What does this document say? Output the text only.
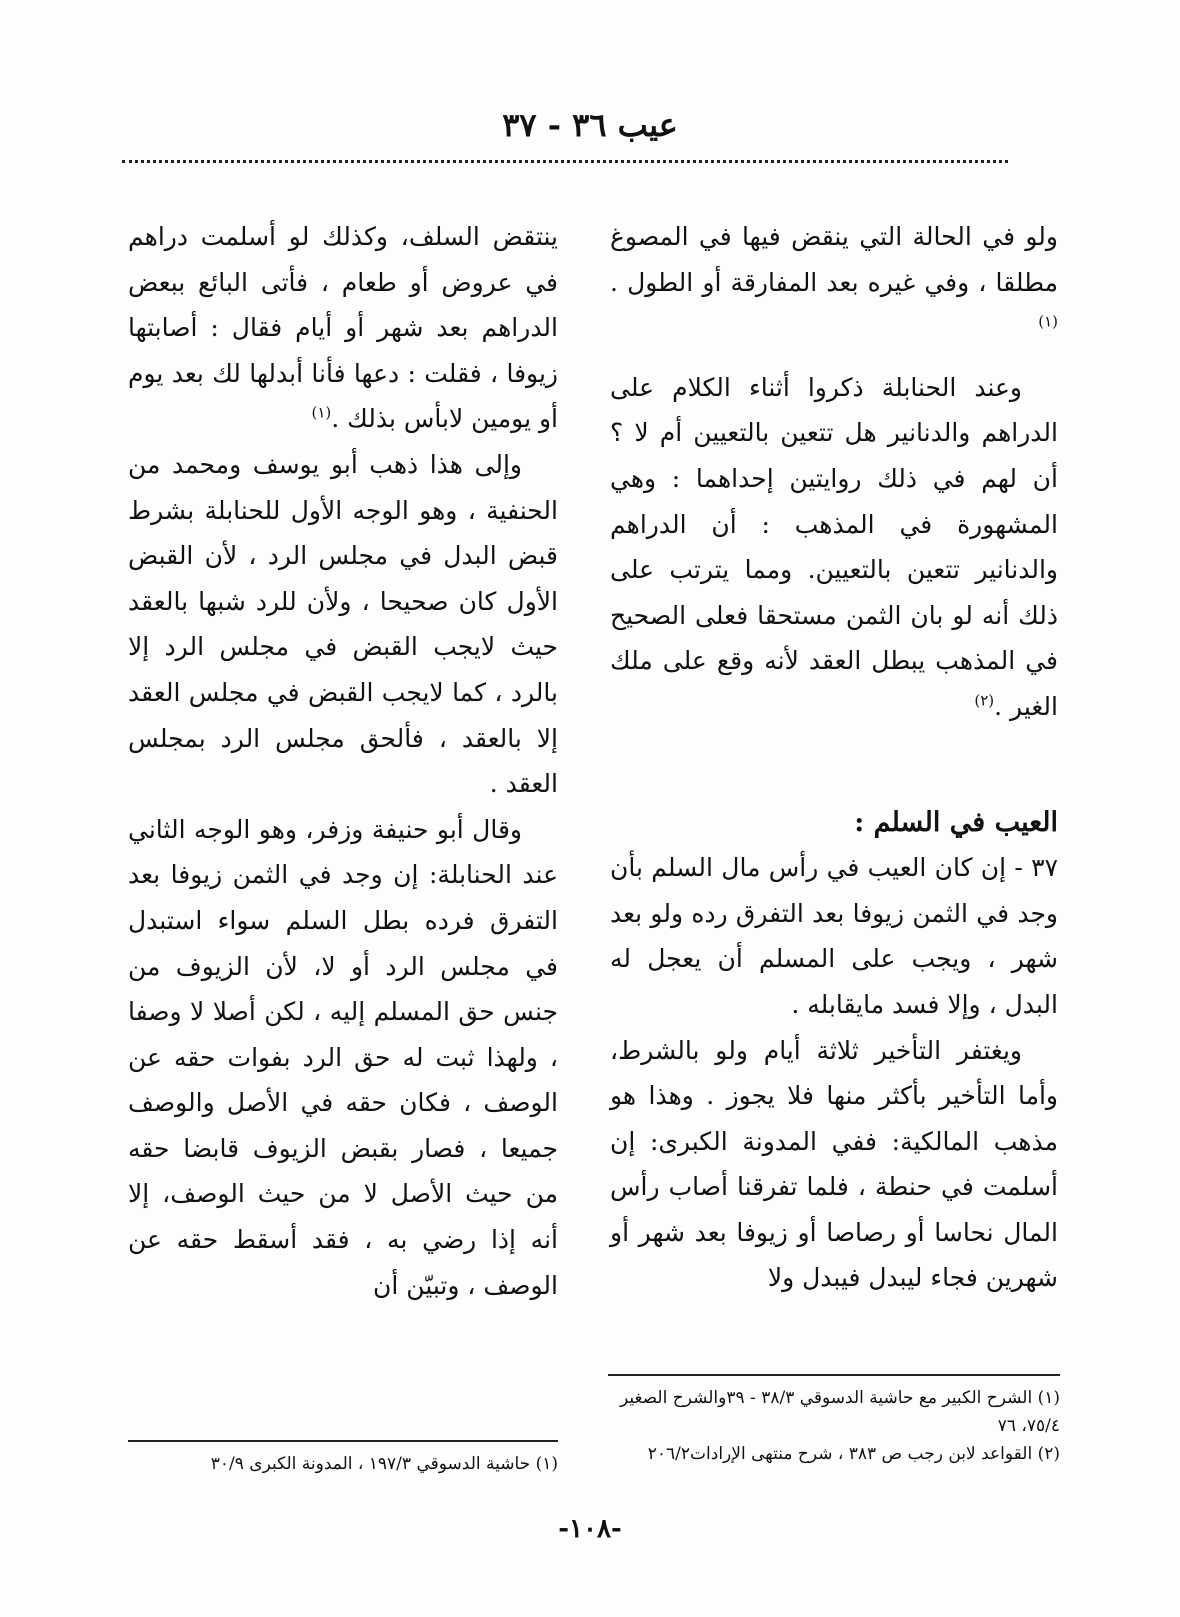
عيب ٣٦ - ٣٧

ولو في الحالة التي ينقض فيها في المصوغ مطلقا ، وفي غيره بعد المفارقة أو الطول .$^{(١)}$

وعند الحنابلة ذكروا أثناء الكلام على الدراهم والدنانير هل تتعين بالتعيين أم لا ؟ أن لهم في ذلك روايتين إحداهما : وهي المشهورة في المذهب : أن الدراهم والدنانير تتعين بالتعيين. ومما يترتب على ذلك أنه لو بان الثمن مستحقا فعلى الصحيح في المذهب يبطل العقد لأنه وقع على ملك الغير .$^{(٢)}$

العيب في السلم :

٣٧ - إن كان العيب في رأس مال السلم بأن وجد في الثمن زيوفا بعد التفرق رده ولو بعد شهر ، ويجب على المسلم أن يعجل له البدل ، وإلا فسد مايقابله .

ويغتفر التأخير ثلاثة أيام ولو بالشرط، وأما التأخير بأكثر منها فلا يجوز . وهذا هو مذهب المالكية: ففي المدونة الكبرى: إن أسلمت في حنطة ، فلما تفرقنا أصاب رأس المال نحاسا أو رصاصا أو زيوفا بعد شهر أو شهرين فجاء ليبدل فيبدل ولا

ينتقض السلف، وكذلك لو أسلمت دراهم في عروض أو طعام ، فأتى البائع ببعض الدراهم بعد شهر أو أيام فقال : أصابتها زيوفا ، فقلت : دعها فأنا أبدلها لك بعد يوم أو يومين لابأس بذلك .$^{(١)}$

وإلى هذا ذهب أبو يوسف ومحمد من الحنفية ، وهو الوجه الأول للحنابلة بشرط قبض البدل في مجلس الرد ، لأن القبض الأول كان صحيحا ، ولأن للرد شبها بالعقد حيث لايجب القبض في مجلس الرد إلا بالرد ، كما لايجب القبض في مجلس العقد إلا بالعقد ، فألحق مجلس الرد بمجلس العقد .

وقال أبو حنيفة وزفر، وهو الوجه الثاني عند الحنابلة: إن وجد في الثمن زيوفا بعد التفرق فرده بطل السلم سواء استبدل في مجلس الرد أو لا، لأن الزيوف من جنس حق المسلم إليه ، لكن أصلا لا وصفا ، ولهذا ثبت له حق الرد بفوات حقه عن الوصف ، فكان حقه في الأصل والوصف جميعا ، فصار بقبض الزيوف قابضا حقه من حيث الأصل لا من حيث الوصف، إلا أنه إذا رضي به ، فقد أسقط حقه عن الوصف ، وتبيّن أن

(١) الشرح الكبير مع حاشية الدسوقي ٣٨/٣ - ٣٩والشرح الصغير ٧٥/٤، ٧٦

(٢) القواعد لابن رجب ص ٣٨٣ ، شرح منتهى الإرادات٢٠٦/٢

(١) حاشية الدسوقي ١٩٧/٣ ، المدونة الكبرى ٣٠/٩

-١٠٨-
